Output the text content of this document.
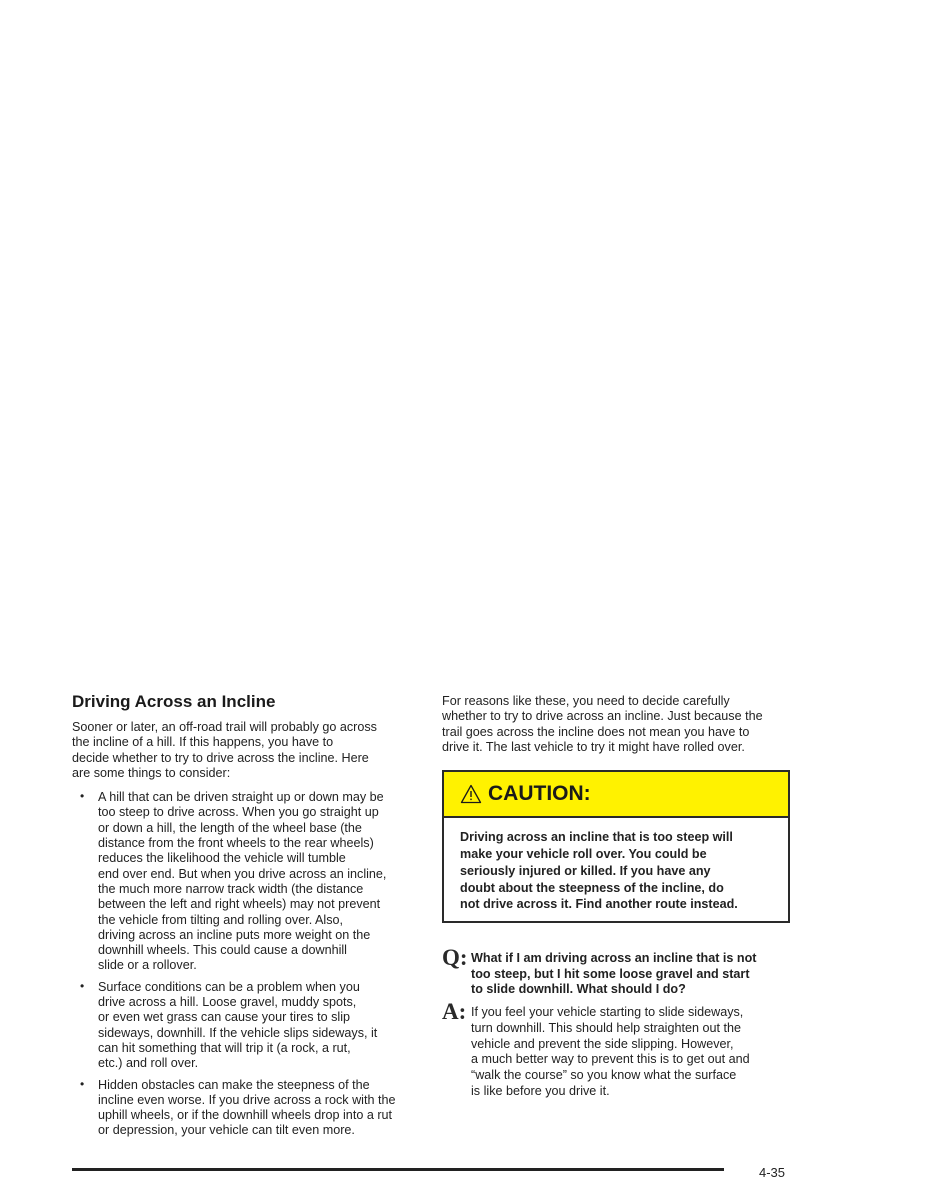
Driving Across an Incline

Sooner or later, an off-road trail will probably go across
the incline of a hill. If this happens, you have to
decide whether to try to drive across the incline. Here
are some things to consider:

• A hill that can be driven straight up or down may be
too steep to drive across. When you go straight up
or down a hill, the length of the wheel base (the
distance from the front wheels to the rear wheels)
reduces the likelihood the vehicle will tumble
end over end. But when you drive across an incline,
the much more narrow track width (the distance
between the left and right wheels) may not prevent
the vehicle from tilting and rolling over. Also,
driving across an incline puts more weight on the
downhill wheels. This could cause a downhill
slide or a rollover.
• Surface conditions can be a problem when you
drive across a hill. Loose gravel, muddy spots,
or even wet grass can cause your tires to slip
sideways, downhill. If the vehicle slips sideways, it
can hit something that will trip it (a rock, a rut,
etc.) and roll over.
• Hidden obstacles can make the steepness of the
incline even worse. If you drive across a rock with the
uphill wheels, or if the downhill wheels drop into a rut
or depression, your vehicle can tilt even more.

For reasons like these, you need to decide carefully
whether to try to drive across an incline. Just because the
trail goes across the incline does not mean you have to
drive it. The last vehicle to try it might have rolled over.

CAUTION:
Driving across an incline that is too steep will
make your vehicle roll over. You could be
seriously injured or killed. If you have any
doubt about the steepness of the incline, do
not drive across it. Find another route instead.
Q: What if I am driving across an incline that is not
too steep, but I hit some loose gravel and start
to slide downhill. What should I do?
A: If you feel your vehicle starting to slide sideways,
turn downhill. This should help straighten out the
vehicle and prevent the side slipping. However,
a much better way to prevent this is to get out and
“walk the course” so you know what the surface
is like before you drive it.
4-35
